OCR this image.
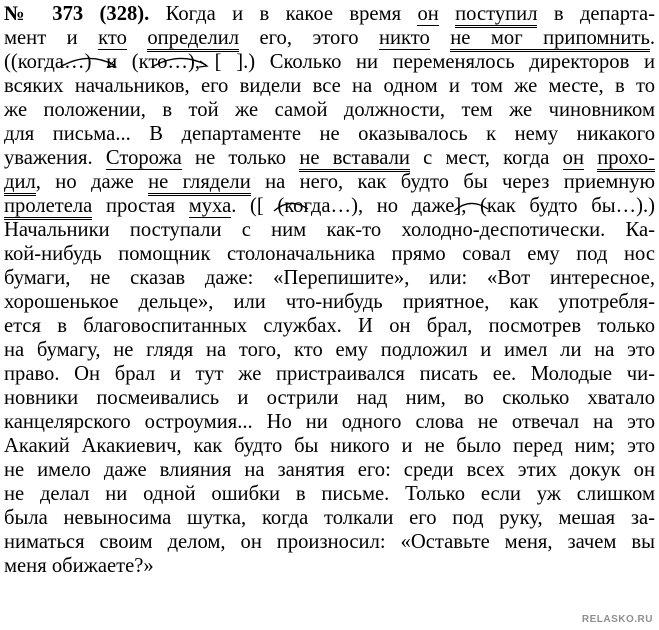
№ 373 (328). Когда и в какое время он поступил в департа-
мент и кто определил его, этого никто не мог припомнить.
((когда…) и (кто…), [ ].) Сколько ни переменялось директоров и
всяких начальников, его видели все на одном и том же месте, в то
же положении, в той же самой должности, тем же чиновником
для письма... В департаменте не оказывалось к нему никакого
уважения. Сторожа не только не вставали с мест, когда он прохо-
дил, но даже не глядели на него, как будто бы через приемную
пролетела простая муха. ([ (когда…), но даже], (как будто бы…).)
Начальники поступали с ним как-то холодно-деспотически. Ка-
кой-нибудь помощник столоначальника прямо совал ему под нос
бумаги, не сказав даже: «Перепишите», или: «Вот интересное,
хорошенькое дельце», или что-нибудь приятное, как употребля-
ется в благовоспитанных службах. И он брал, посмотрев только
на бумагу, не глядя на того, кто ему подложил и имел ли на это
право. Он брал и тут же пристраивался писать ее. Молодые чи-
новники посмеивались и острили над ним, во сколько хватало
канцелярского остроумия... Но ни одного слова не отвечал на это
Акакий Акакиевич, как будто бы никого и не было перед ним; это
не имело даже влияния на занятия его: среди всех этих докук он
не делал ни одной ошибки в письме. Только если уж слишком
была невыносима шутка, когда толкали его под руку, мешая за-
ниматься своим делом, он произносил: «Оставьте меня, зачем вы
меня обижаете?»
RELASKO.RU
